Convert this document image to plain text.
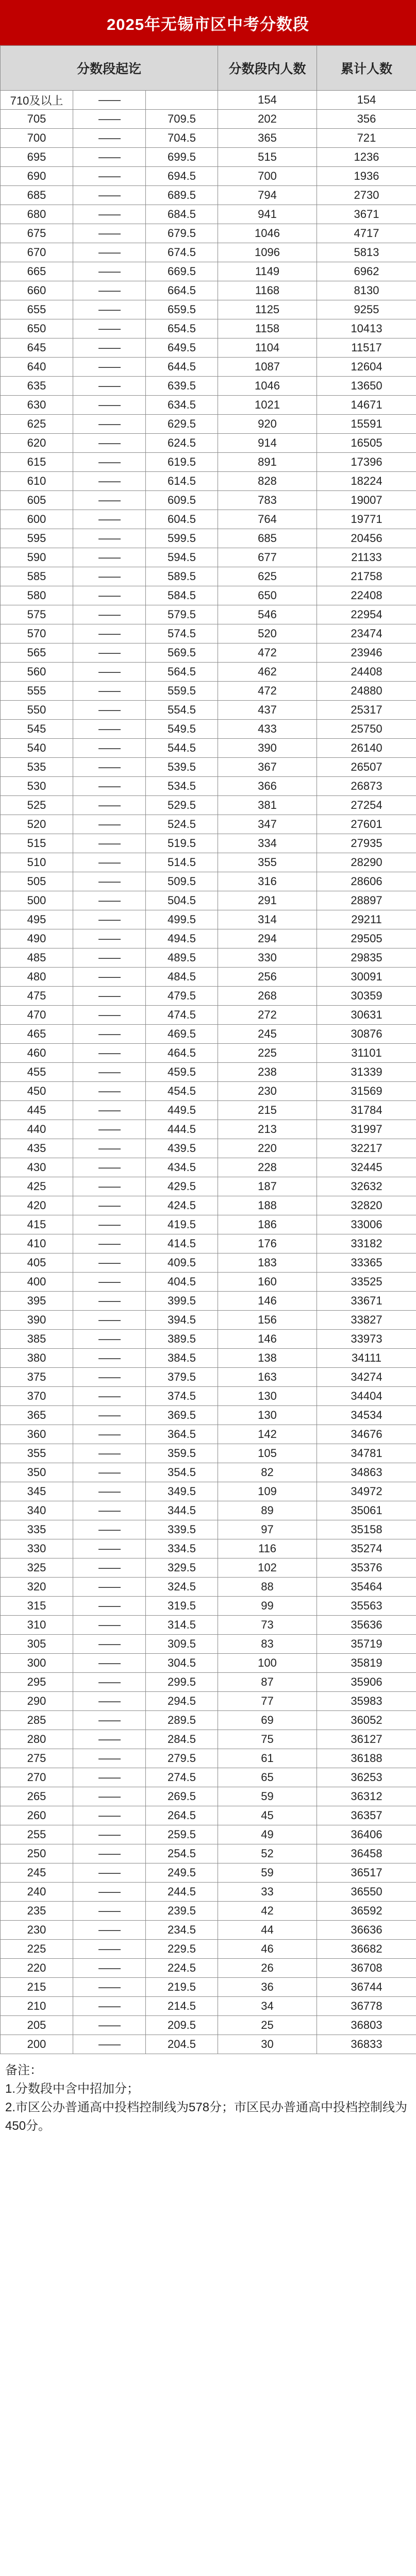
2025年无锡市区中考分数段
分数段起讫			分数段内人数	累计人数
710及以上	——		154	154
705	——	709.5	202	356
700	——	704.5	365	721
695	——	699.5	515	1236
690	——	694.5	700	1936
685	——	689.5	794	2730
680	——	684.5	941	3671
675	——	679.5	1046	4717
670	——	674.5	1096	5813
665	——	669.5	1149	6962
660	——	664.5	1168	8130
655	——	659.5	1125	9255
650	——	654.5	1158	10413
645	——	649.5	1104	11517
640	——	644.5	1087	12604
635	——	639.5	1046	13650
630	——	634.5	1021	14671
625	——	629.5	920	15591
620	——	624.5	914	16505
615	——	619.5	891	17396
610	——	614.5	828	18224
605	——	609.5	783	19007
600	——	604.5	764	19771
595	——	599.5	685	20456
590	——	594.5	677	21133
585	——	589.5	625	21758
580	——	584.5	650	22408
575	——	579.5	546	22954
570	——	574.5	520	23474
565	——	569.5	472	23946
560	——	564.5	462	24408
555	——	559.5	472	24880
550	——	554.5	437	25317
545	——	549.5	433	25750
540	——	544.5	390	26140
535	——	539.5	367	26507
530	——	534.5	366	26873
525	——	529.5	381	27254
520	——	524.5	347	27601
515	——	519.5	334	27935
510	——	514.5	355	28290
505	——	509.5	316	28606
500	——	504.5	291	28897
495	——	499.5	314	29211
490	——	494.5	294	29505
485	——	489.5	330	29835
480	——	484.5	256	30091
475	——	479.5	268	30359
470	——	474.5	272	30631
465	——	469.5	245	30876
460	——	464.5	225	31101
455	——	459.5	238	31339
450	——	454.5	230	31569
445	——	449.5	215	31784
440	——	444.5	213	31997
435	——	439.5	220	32217
430	——	434.5	228	32445
425	——	429.5	187	32632
420	——	424.5	188	32820
415	——	419.5	186	33006
410	——	414.5	176	33182
405	——	409.5	183	33365
400	——	404.5	160	33525
395	——	399.5	146	33671
390	——	394.5	156	33827
385	——	389.5	146	33973
380	——	384.5	138	34111
375	——	379.5	163	34274
370	——	374.5	130	34404
365	——	369.5	130	34534
360	——	364.5	142	34676
355	——	359.5	105	34781
350	——	354.5	82	34863
345	——	349.5	109	34972
340	——	344.5	89	35061
335	——	339.5	97	35158
330	——	334.5	116	35274
325	——	329.5	102	35376
320	——	324.5	88	35464
315	——	319.5	99	35563
310	——	314.5	73	35636
305	——	309.5	83	35719
300	——	304.5	100	35819
295	——	299.5	87	35906
290	——	294.5	77	35983
285	——	289.5	69	36052
280	——	284.5	75	36127
275	——	279.5	61	36188
270	——	274.5	65	36253
265	——	269.5	59	36312
260	——	264.5	45	36357
255	——	259.5	49	36406
250	——	254.5	52	36458
245	——	249.5	59	36517
240	——	244.5	33	36550
235	——	239.5	42	36592
230	——	234.5	44	36636
225	——	229.5	46	36682
220	——	224.5	26	36708
215	——	219.5	36	36744
210	——	214.5	34	36778
205	——	209.5	25	36803
200	——	204.5	30	36833

备注：

1.分数段中含中招加分；

2.市区公办普通高中投档控制线为578分；市区民办普通高中投档控制线为450分。
